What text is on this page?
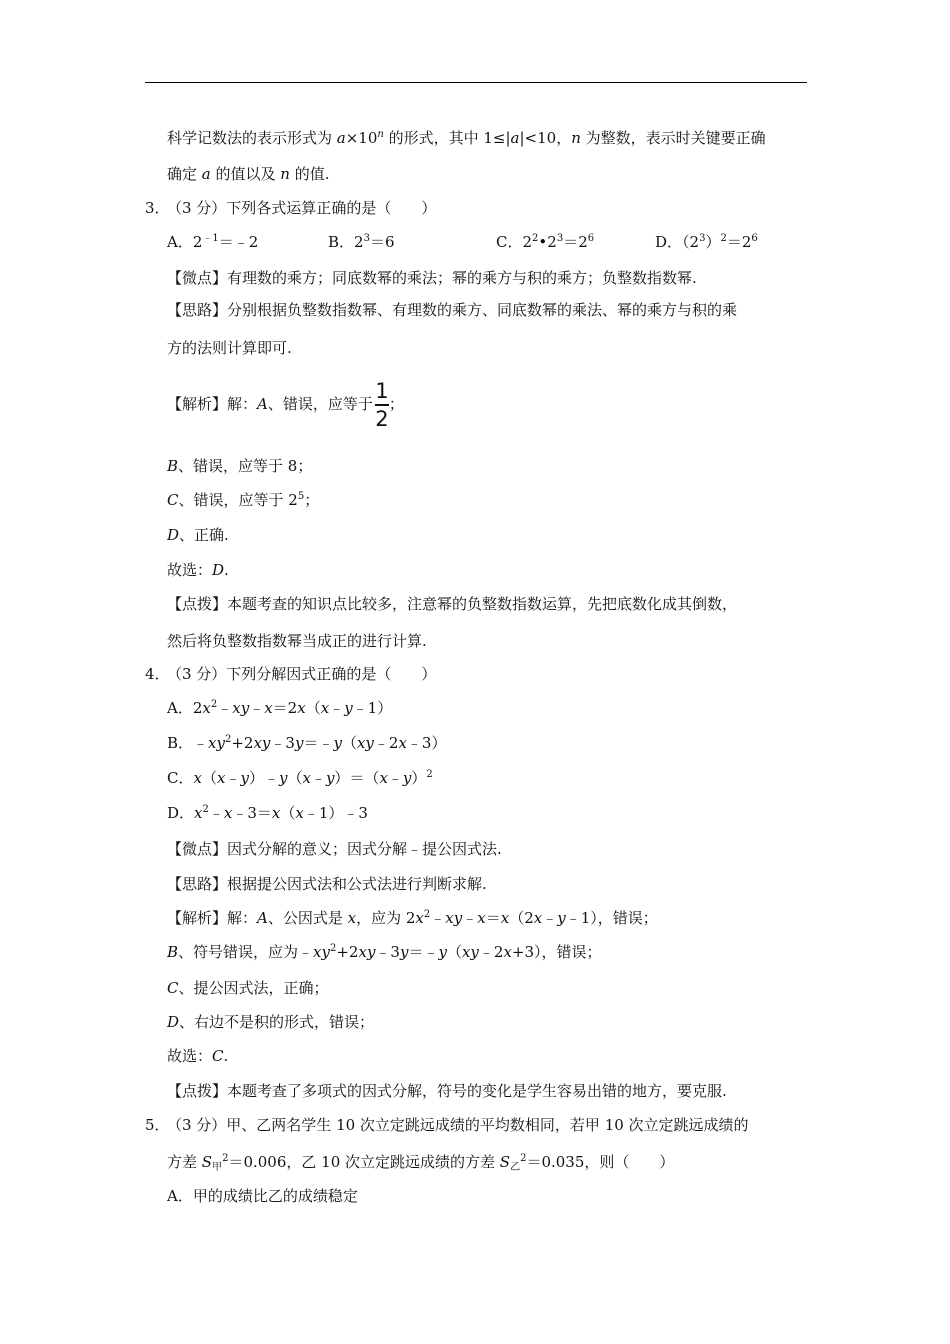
科学记数法的表示形式为 $a\times 10^n$ 的形式，其中 1≤|a|<10，n 为整数，表示时关键要正确
确定 a 的值以及 n 的值.
3．
（3 分）下列各式运算正确的是（　　）
A．$2^{﹣1}=﹣2$	B．$2^3=6$	C．$2^2•2^3=2^6$	D．$(2^3)^2=2^6$
【微点】有理数的乘方；同底数幂的乘法；幂的乘方与积的乘方；负整数指数幂.
【思路】分别根据负整数指数幂、有理数的乘方、同底数幂的乘法、幂的乘方与积的乘
方的法则计算即可.
【解析】解：A、错误，应等于$\frac{1}{2}$；
B、错误，应等于 8；
C、错误，应等于 $2^5$；
D、正确.
故选：D.
【点拨】本题考查的知识点比较多，注意幂的负整数指数运算，先把底数化成其倒数，
然后将负整数指数幂当成正的进行计算.
4．
（3 分）下列分解因式正确的是（　　）
A．$2x^2﹣xy﹣x=2x(x﹣y﹣1)$
B．$﹣xy^2+2xy﹣3y=﹣y(xy﹣2x﹣3)$
C．x（x﹣y）﹣y（x﹣y）＝（x﹣y）$^2$
D．$x^2﹣x﹣3=x(x﹣1)﹣3$
【微点】因式分解的意义；因式分解﹣提公因式法.
【思路】根据提公因式法和公式法进行判断求解.
【解析】解：A、公因式是 x，应为 $2x^2﹣xy﹣x=x(2x﹣y﹣1)$，错误；
B、符号错误，应为$﹣xy^2+2xy﹣3y=﹣y(xy﹣2x+3)$，错误；
C、提公因式法，正确；
D、右边不是积的形式，错误；
故选：C.
【点拨】本题考查了多项式的因式分解，符号的变化是学生容易出错的地方，要克服.
5．
（3 分）甲、乙两名学生 10 次立定跳远成绩的平均数相同，若甲 10 次立定跳远成绩的
方差 $S_甲^2=0.006$，乙 10 次立定跳远成绩的方差 $S_乙^2=0.035$，则（　　）
A．甲的成绩比乙的成绩稳定
